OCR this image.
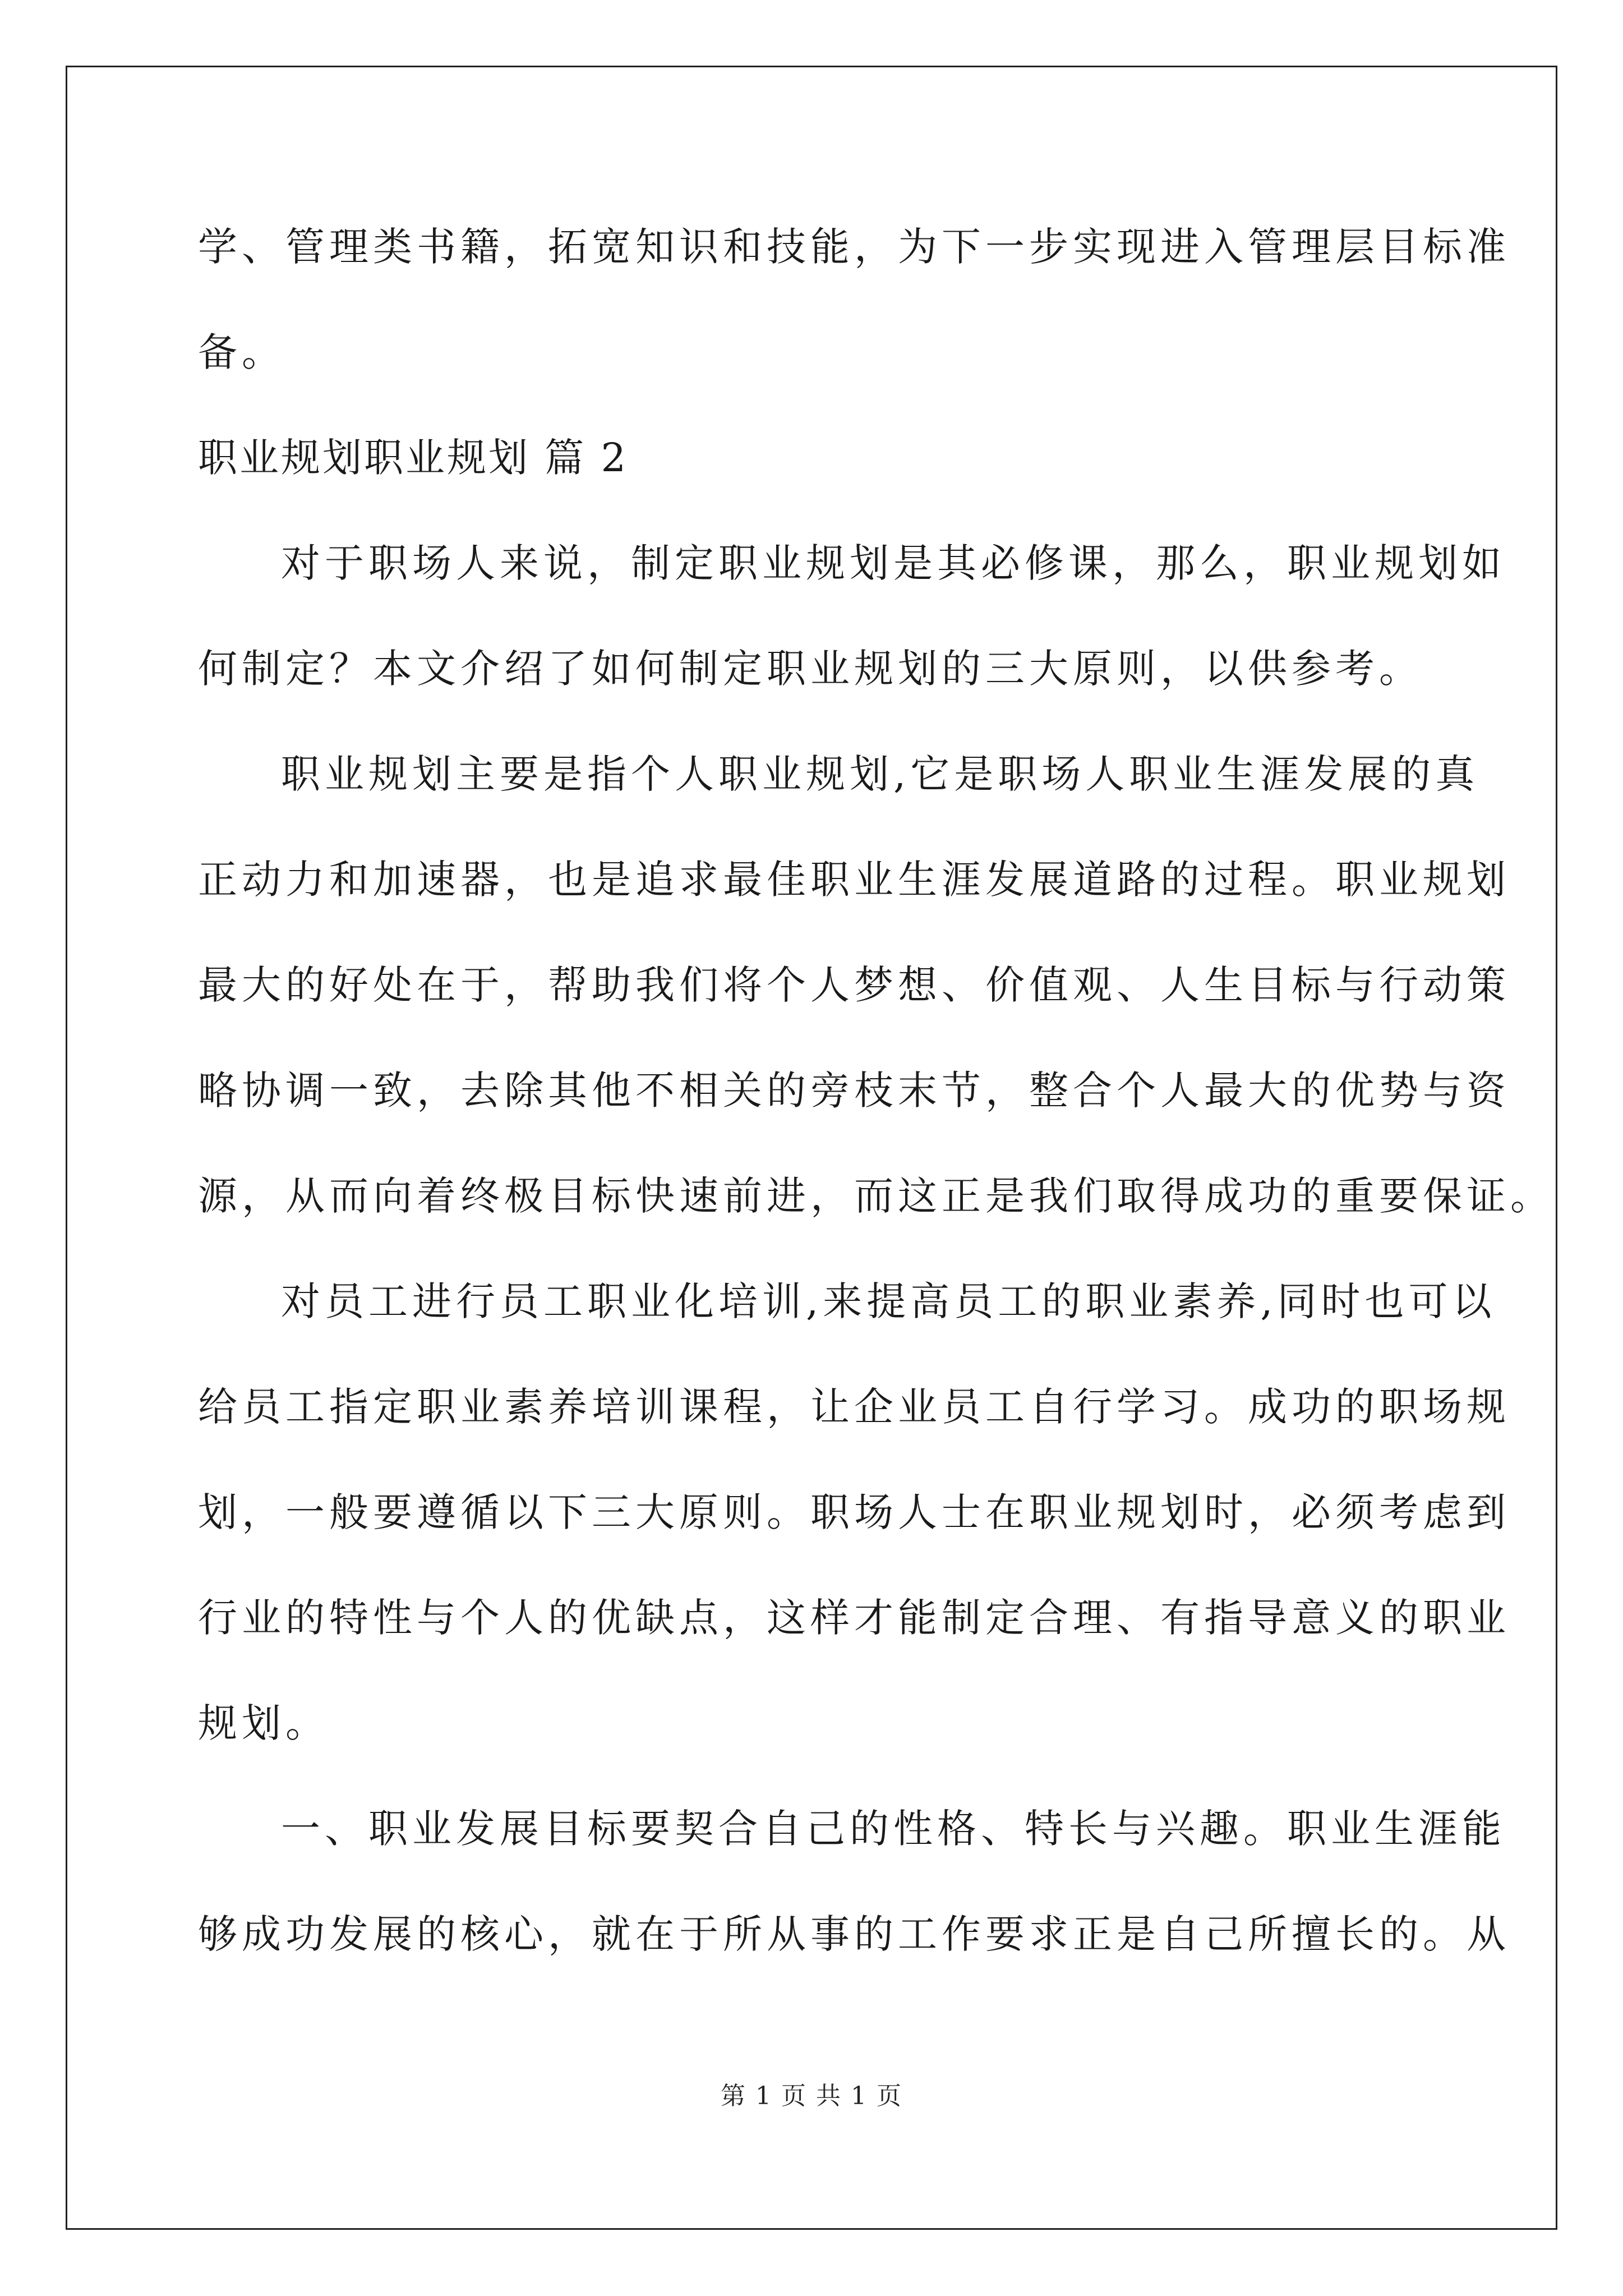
学、管理类书籍，拓宽知识和技能，为下一步实现进入管理层目标准
备。
职业规划职业规划 篇 2
对于职场人来说，制定职业规划是其必修课，那么，职业规划如
何制定？本文介绍了如何制定职业规划的三大原则，以供参考。
职业规划主要是指个人职业规划,它是职场人职业生涯发展的真
正动力和加速器，也是追求最佳职业生涯发展道路的过程。职业规划
最大的好处在于，帮助我们将个人梦想、价值观、人生目标与行动策
略协调一致，去除其他不相关的旁枝末节，整合个人最大的优势与资
源，从而向着终极目标快速前进，而这正是我们取得成功的重要保证。
对员工进行员工职业化培训,来提高员工的职业素养,同时也可以
给员工指定职业素养培训课程，让企业员工自行学习。成功的职场规
划，一般要遵循以下三大原则。职场人士在职业规划时，必须考虑到
行业的特性与个人的优缺点，这样才能制定合理、有指导意义的职业
规划。
一、职业发展目标要契合自己的性格、特长与兴趣。职业生涯能
够成功发展的核心，就在于所从事的工作要求正是自己所擅长的。从
第 1 页 共 1 页
